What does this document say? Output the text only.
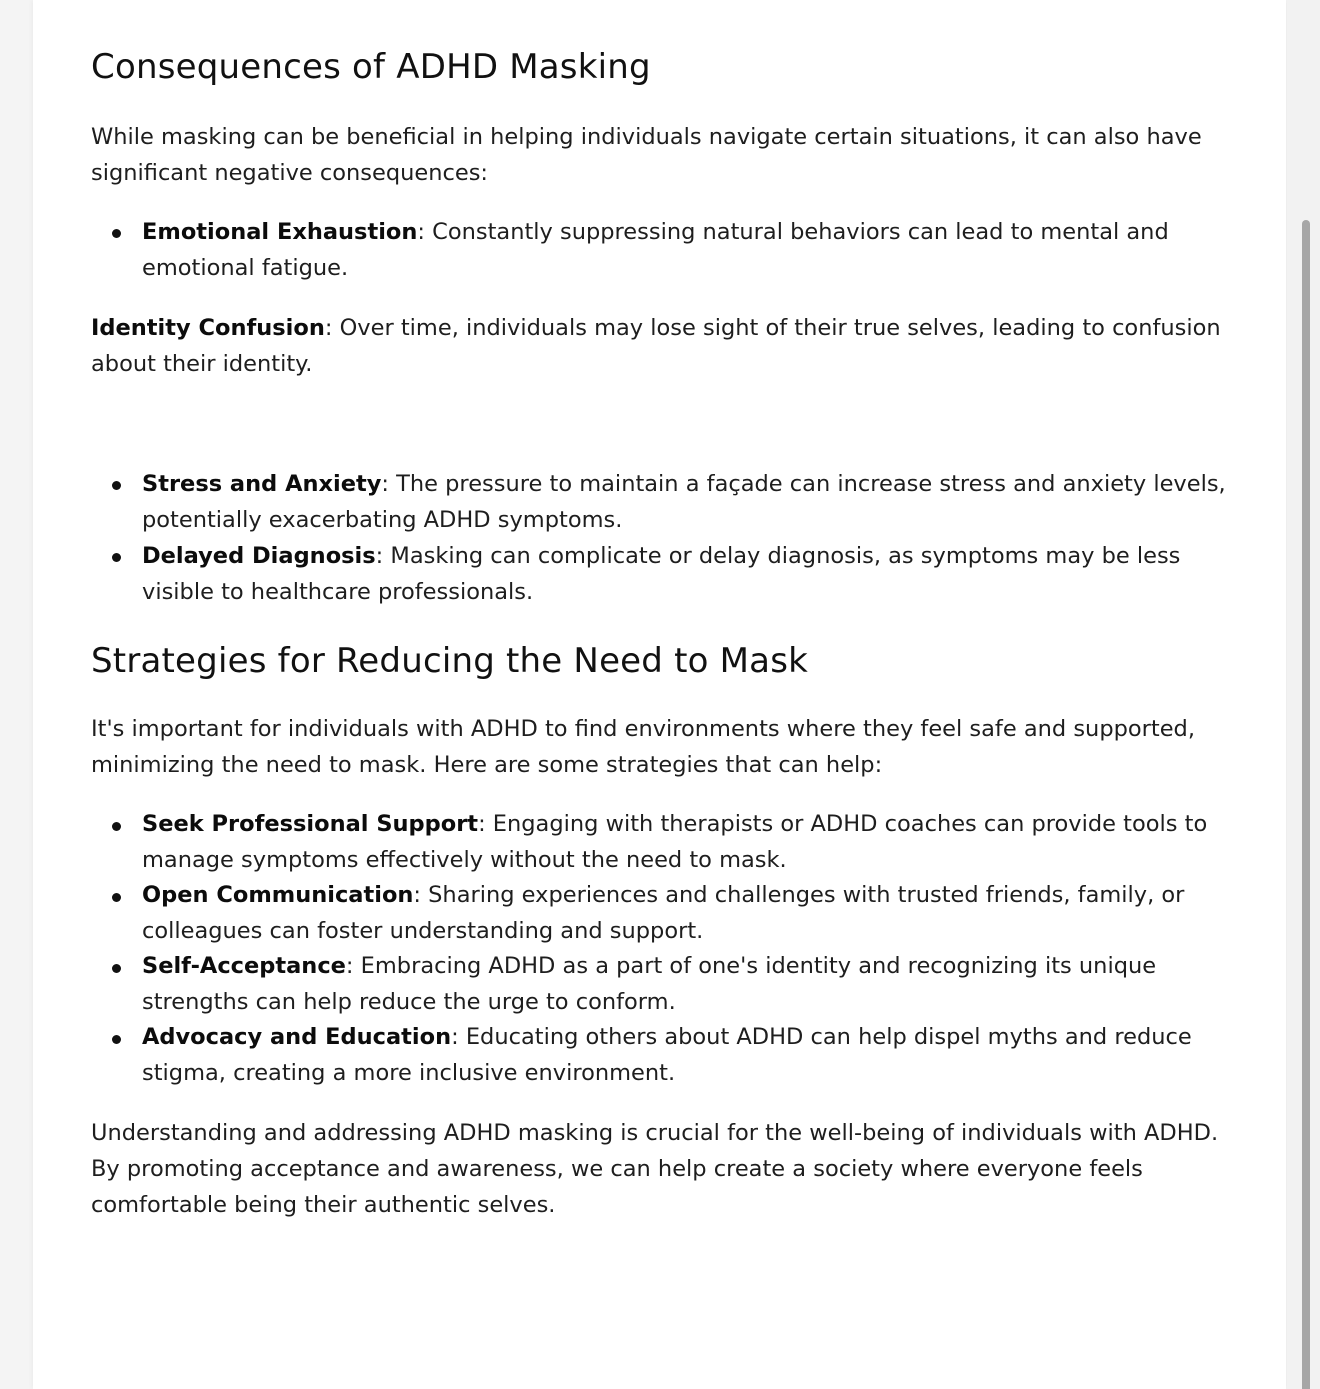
Consequences of ADHD Masking

While masking can be beneficial in helping individuals navigate certain situations, it can also have significant negative consequences:

Emotional Exhaustion: Constantly suppressing natural behaviors can lead to mental and emotional fatigue.

Identity Confusion: Over time, individuals may lose sight of their true selves, leading to confusion about their identity.

Stress and Anxiety: The pressure to maintain a façade can increase stress and anxiety levels, potentially exacerbating ADHD symptoms.
Delayed Diagnosis: Masking can complicate or delay diagnosis, as symptoms may be less visible to healthcare professionals.
Strategies for Reducing the Need to Mask

It's important for individuals with ADHD to find environments where they feel safe and supported, minimizing the need to mask. Here are some strategies that can help:

Seek Professional Support: Engaging with therapists or ADHD coaches can provide tools to manage symptoms effectively without the need to mask.
Open Communication: Sharing experiences and challenges with trusted friends, family, or colleagues can foster understanding and support.
Self-Acceptance: Embracing ADHD as a part of one's identity and recognizing its unique strengths can help reduce the urge to conform.
Advocacy and Education: Educating others about ADHD can help dispel myths and reduce stigma, creating a more inclusive environment.

Understanding and addressing ADHD masking is crucial for the well-being of individuals with ADHD. By promoting acceptance and awareness, we can help create a society where everyone feels comfortable being their authentic selves.
